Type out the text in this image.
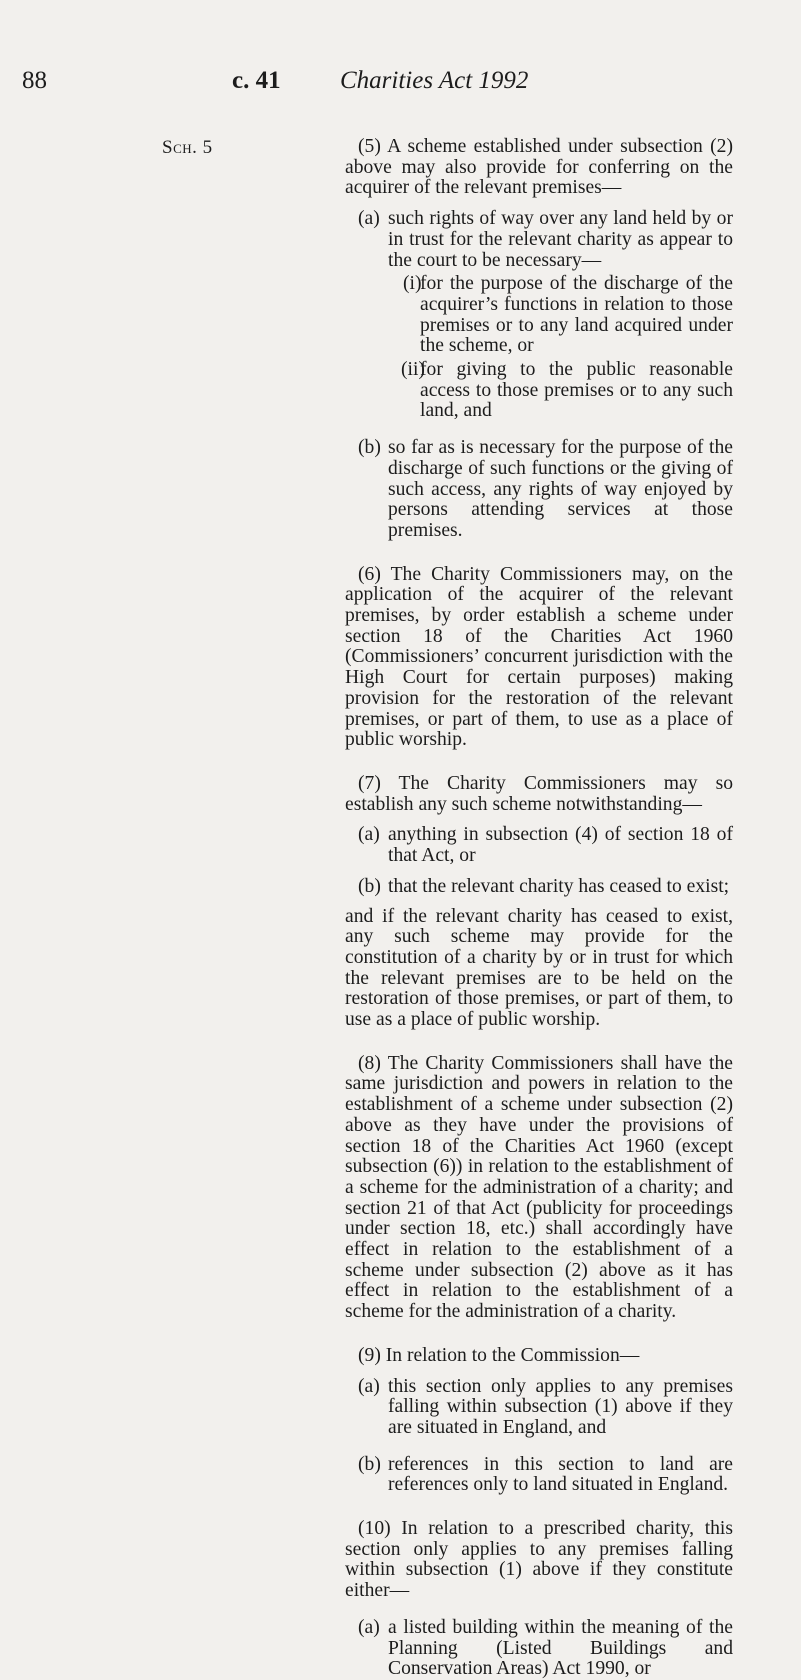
88	c. 41 Charities Act 1992
Sch. 5	(5) A scheme established under subsection (2) above may also provide for conferring on the acquirer of the relevant premises—

(a) such rights of way over any land held by or in trust for the relevant charity as appear to the court to be necessary—

(i)

for the purpose of the discharge of the acquirer’s functions in relation to those premises or to any land acquired under the scheme, or

(ii)

for giving to the public reasonable access to those premises or to any such land, and

(b) so far as is necessary for the purpose of the discharge of such functions or the giving of such access, any rights of way enjoyed by persons attending services at those premises.

(6) The Charity Commissioners may, on the application of the acquirer of the relevant premises, by order establish a scheme under section 18 of the Charities Act 1960 (Commissioners’ concurrent jurisdiction with the High Court for certain purposes) making provision for the restoration of the relevant premises, or part of them, to use as a place of public worship.

(7) The Charity Commissioners may so establish any such scheme notwithstanding—

(a) anything in subsection (4) of section 18 of that Act, or

(b) that the relevant charity has ceased to exist;

and if the relevant charity has ceased to exist, any such scheme may provide for the constitution of a charity by or in trust for which the relevant premises are to be held on the restoration of those premises, or part of them, to use as a place of public worship.

(8) The Charity Commissioners shall have the same jurisdiction and powers in relation to the establishment of a scheme under subsection (2) above as they have under the provisions of section 18 of the Charities Act 1960 (except subsection (6)) in relation to the establishment of a scheme for the administration of a charity; and section 21 of that Act (publicity for proceedings under section 18, etc.) shall accordingly have effect in relation to the establishment of a scheme under subsection (2) above as it has effect in relation to the establishment of a scheme for the administration of a charity.

(9) In relation to the Commission—

(a) this section only applies to any premises falling within subsection (1) above if they are situated in England, and

(b) references in this section to land are references only to land situated in England.

(10) In relation to a prescribed charity, this section only applies to any premises falling within subsection (1) above if they constitute either—

(a) a listed building within the meaning of the Planning (Listed Buildings and Conservation Areas) Act 1990, or
